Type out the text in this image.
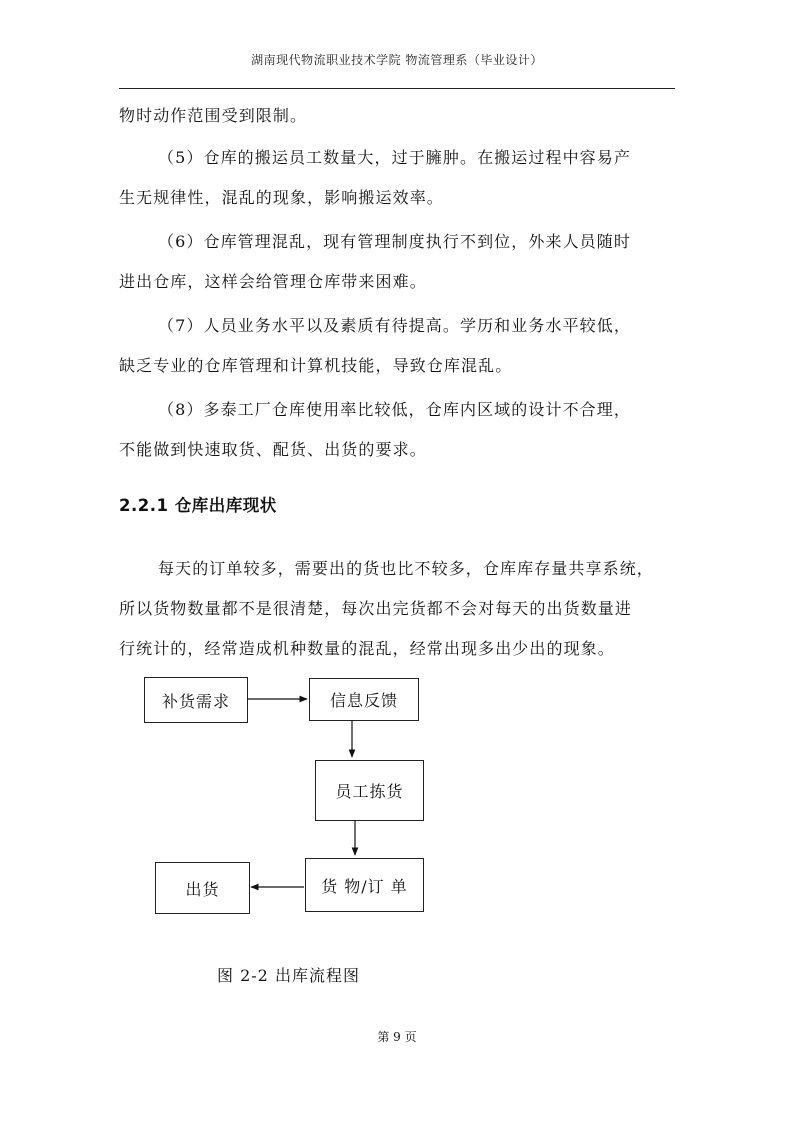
湖南现代物流职业技术学院 物流管理系（毕业设计）

物时动作范围受到限制。

（5）仓库的搬运员工数量大，过于臃肿。在搬运过程中容易产
生无规律性，混乱的现象，影响搬运效率。

（6）仓库管理混乱，现有管理制度执行不到位，外来人员随时
进出仓库，这样会给管理仓库带来困难。

（7）人员业务水平以及素质有待提高。学历和业务水平较低，
缺乏专业的仓库管理和计算机技能，导致仓库混乱。

（8）多泰工厂仓库使用率比较低，仓库内区域的设计不合理，
不能做到快速取货、配货、出货的要求。

2.2.1 仓库出库现状

每天的订单较多，需要出的货也比不较多，仓库库存量共享系统，
所以货物数量都不是很清楚，每次出完货都不会对每天的出货数量进
行统计的，经常造成机种数量的混乱，经常出现多出少出的现象。

补货需求	信息反馈
员工拣货
货 物/订 单
出货
图 2-2 出库流程图
第 9 页
